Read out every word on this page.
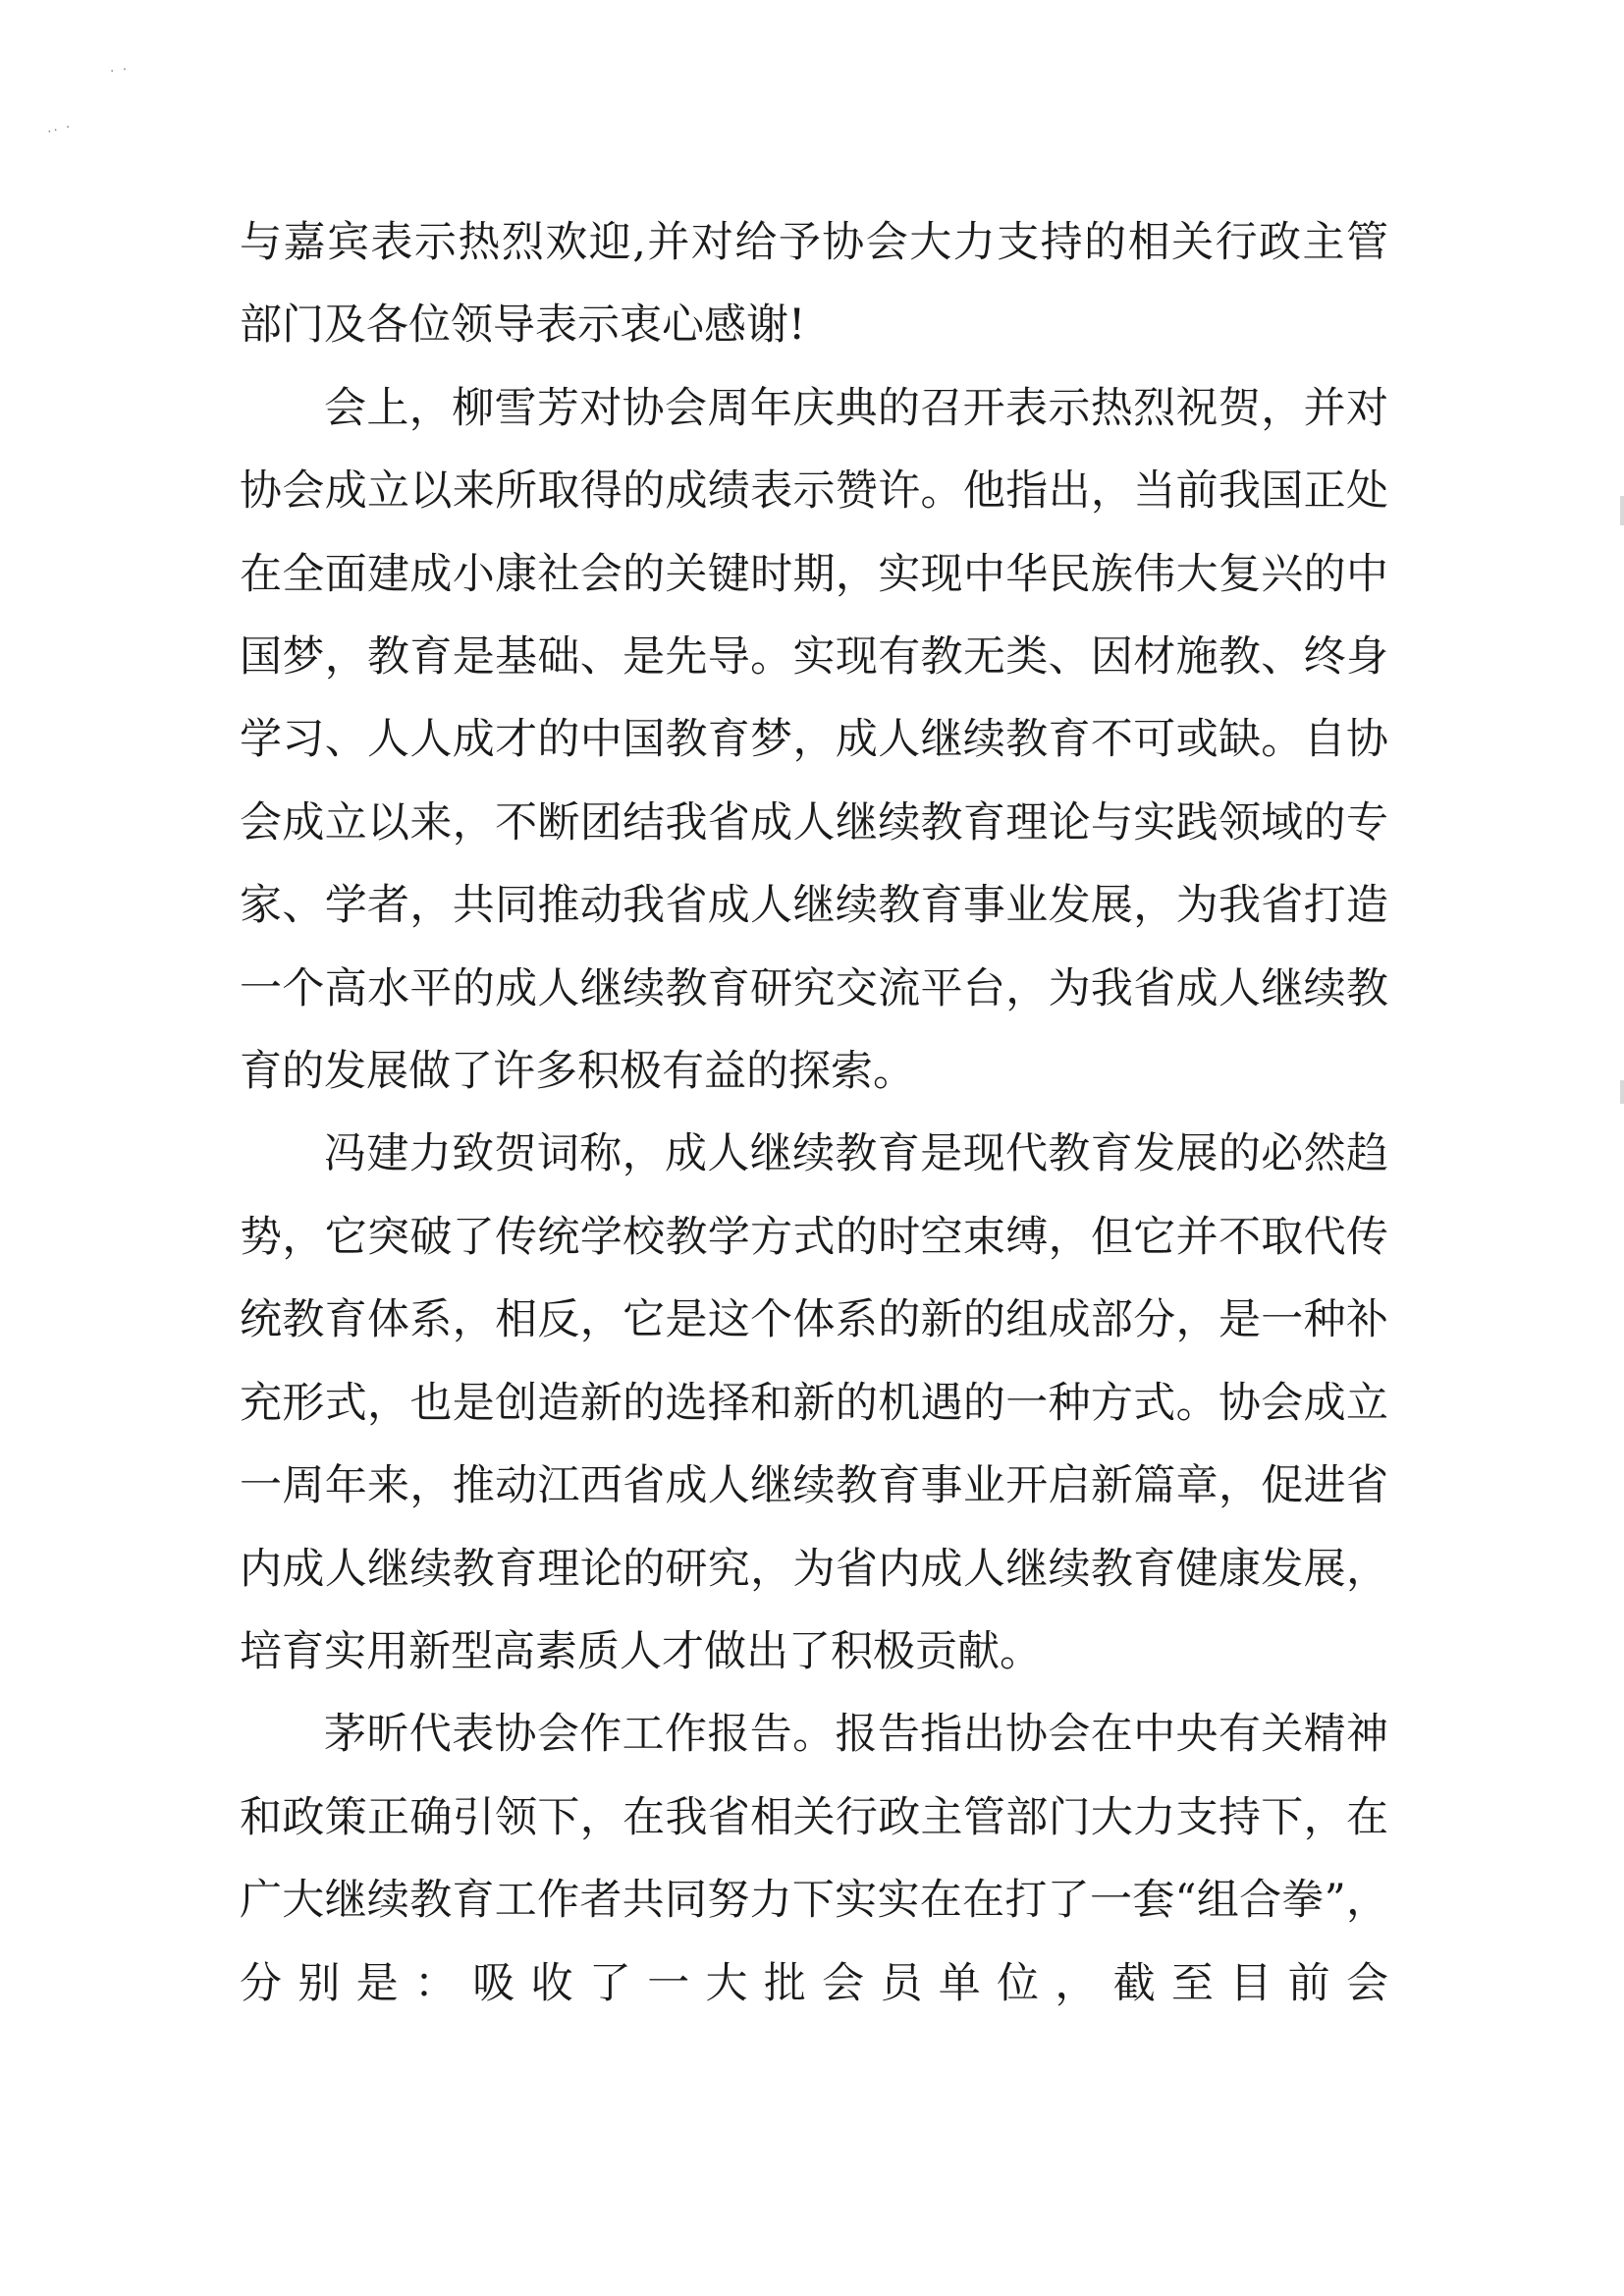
· ·
·· ·

与嘉宾表示热烈欢迎,并对给予协会大力支持的相关行政主管部门及各位领导表示衷心感谢!

会上，柳雪芳对协会周年庆典的召开表示热烈祝贺，并对协会成立以来所取得的成绩表示赞许。他指出，当前我国正处在全面建成小康社会的关键时期，实现中华民族伟大复兴的中国梦，教育是基础、是先导。实现有教无类、因材施教、终身学习、人人成才的中国教育梦，成人继续教育不可或缺。自协会成立以来，不断团结我省成人继续教育理论与实践领域的专家、学者，共同推动我省成人继续教育事业发展，为我省打造一个高水平的成人继续教育研究交流平台，为我省成人继续教育的发展做了许多积极有益的探索。

冯建力致贺词称，成人继续教育是现代教育发展的必然趋势，它突破了传统学校教学方式的时空束缚，但它并不取代传统教育体系，相反，它是这个体系的新的组成部分，是一种补充形式，也是创造新的选择和新的机遇的一种方式。协会成立一周年来，推动江西省成人继续教育事业开启新篇章，促进省内成人继续教育理论的研究，为省内成人继续教育健康发展，培育实用新型高素质人才做出了积极贡献。

茅昕代表协会作工作报告。报告指出协会在中央有关精神和政策正确引领下，在我省相关行政主管部门大力支持下，在广大继续教育工作者共同努力下实实在在打了一套“组合拳”，分别是：吸收了一大批会员单位，截至目前会
